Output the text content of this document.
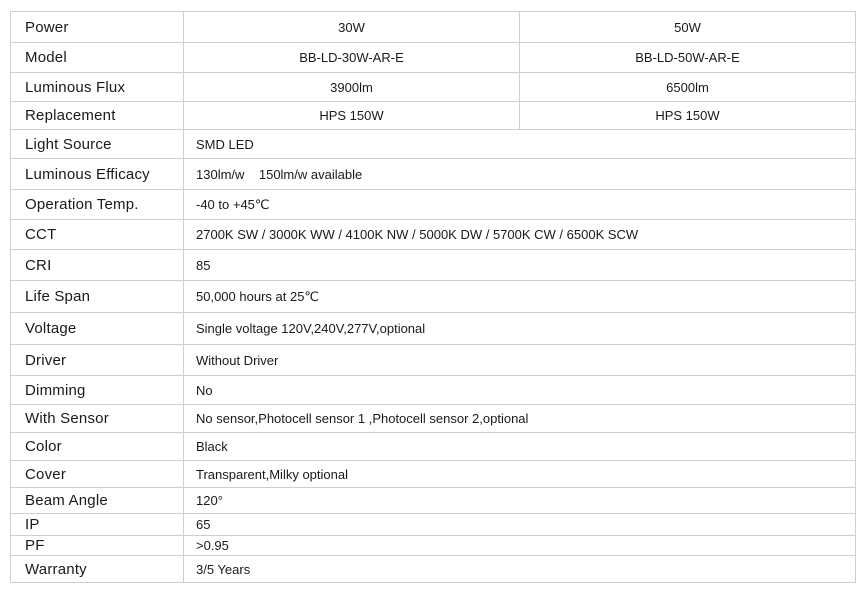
Power	30W	50W
Model	BB-LD-30W-AR-E	BB-LD-50W-AR-E
Luminous Flux	3900lm	6500lm
Replacement	HPS 150W	HPS 150W
Light Source	SMD LED	
Luminous Efficacy	130lm/w    150lm/w available	
Operation Temp.	-40 to +45℃	
CCT	2700K SW / 3000K WW / 4100K NW / 5000K DW / 5700K CW / 6500K SCW	
CRI	85	
Life Span	50,000 hours at 25℃	
Voltage	Single voltage 120V,240V,277V,optional	
Driver	Without Driver	
Dimming	No	
With Sensor	No sensor,Photocell sensor 1 ,Photocell sensor 2,optional	
Color	Black	
Cover	Transparent,Milky optional	
Beam Angle	120°	
IP	65	
PF	>0.95	
Warranty	3/5 Years	
